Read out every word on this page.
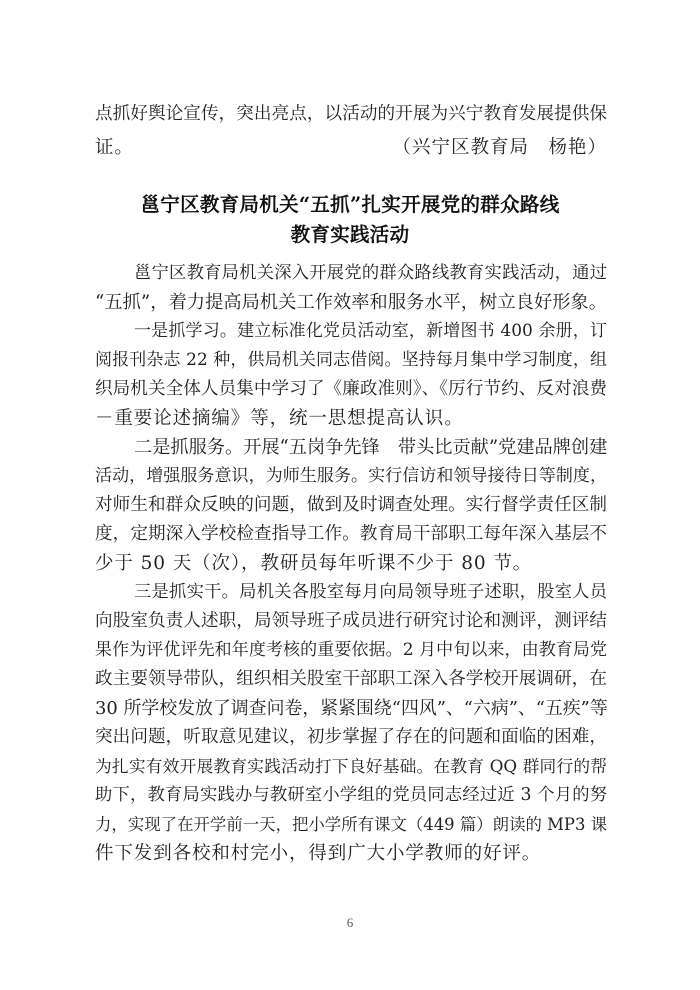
点抓好舆论宣传，突出亮点，以活动的开展为兴宁教育发展提供保
证。	（兴宁区教育局　杨艳）
邕宁区教育局机关“五抓”扎实开展党的群众路线
教育实践活动
邕宁区教育局机关深入开展党的群众路线教育实践活动，通过
“五抓”，着力提高局机关工作效率和服务水平，树立良好形象。
一是抓学习。建立标准化党员活动室，新增图书 400 余册，订
阅报刊杂志 22 种，供局机关同志借阅。坚持每月集中学习制度，组
织局机关全体人员集中学习了《廉政准则》、《厉行节约、反对浪费
－重要论述摘编》等，统一思想提高认识。
二是抓服务。开展“五岗争先锋　带头比贡献”党建品牌创建
活动，增强服务意识，为师生服务。实行信访和领导接待日等制度，
对师生和群众反映的问题，做到及时调查处理。实行督学责任区制
度，定期深入学校检查指导工作。教育局干部职工每年深入基层不
少于 50 天（次），教研员每年听课不少于 80 节。
三是抓实干。局机关各股室每月向局领导班子述职，股室人员
向股室负责人述职，局领导班子成员进行研究讨论和测评，测评结
果作为评优评先和年度考核的重要依据。2 月中旬以来，由教育局党
政主要领导带队，组织相关股室干部职工深入各学校开展调研，在
30 所学校发放了调查问卷，紧紧围绕“四风”、“六病”、“五疾”等
突出问题，听取意见建议，初步掌握了存在的问题和面临的困难，
为扎实有效开展教育实践活动打下良好基础。在教育 QQ 群同行的帮
助下，教育局实践办与教研室小学组的党员同志经过近 3 个月的努
力，实现了在开学前一天，把小学所有课文（449 篇）朗读的 MP3 课
件下发到各校和村完小，得到广大小学教师的好评。
6
